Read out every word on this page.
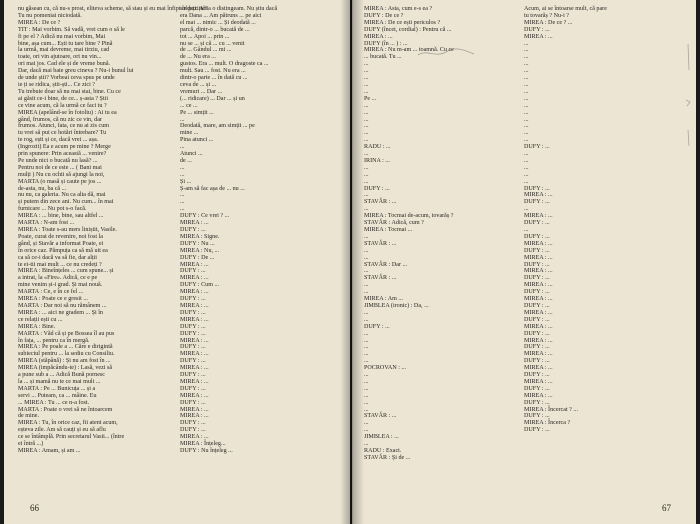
nu găsean cu, că nu-s prost, eliteva scheme, să stau și eu mai înfipt în poziție?
Tu nu pomeniai niciodată.
MIREA : De ce ?
TIT : Mai vorbim. Să vadă, vrei cum o să le
fi pe el ? Adică nu mai vorbim, Mai
bine, așa cum... Ești tu tare bine ? Pină
la urmă, mai devreme, mai tirziu, cad
toate, ori vin ajutoare, ori nu vin...
ori mai jos. Cad ele și de vreme bună.
Dar, dacă mai bate greu cineva ? Nu-i bunul lui
de unde știi? Vorbeai ceva spus pe unde
ie ți se ridica, știi-ști... Ce zici ?
Tu trebuie doar să nu mai stai, bine. Cu ce
ai găsit ce-i bine, de ce... ș-asta ? Știi
ce vine acum, că la urmă ce faci tu ?
MIREA (apelând-se în fotoliu) : Ai tu ea
gând, frumos, că nu zic ce vin, dar
frumos. Atunci, fata, ce nu ai zis cum
tu vrei să pui ce hotări întrebare? Tu
te rog, ești și ce, dacă vrei ... așa.
(Ingrozit) Ea e acum pe mine ? Merge
prin spunere: Prin această ... venire?
Pe unde nici o bucată nu lasă? ...
Pentru noi de ce este ... ( Bani mai
mulți ) Nu cu ochii să ajungi la noi,
MARTA (o masă și caute pe jos ...
de-asta, nu, ba că ...
nu nu, ca galeria. Nu ca alta dă, mai
și putem din zece ani. Nu cum... în mai
furnicare ... Nu pot s-o facă.
MIREA : ... bine, bine, sau altfel ...
MARTA : N-am fost ...
MIREA : Toate s-au mers liniștit, Vasile.
Poate, curat de revenire, noi fost la
gând, și Stavăr a informat Poate, ei
în orice caz. Pămpuța ca să mă uit ea
ca să ce-i dacă va să fie, dar alții
te ei-tii mai mult ... ce nu credeți ?
MIREA : Bineînțeles ... cum spune... și
a intrat, la «Fire». Adică, ce e pe
mine venim și-i grad. Și mai nouă.
MARTA : Ce, e în ce fel ...
MIREA : Poate ce e gresit ...
MARTA : Dar noi să nu rămânem ...
MIREA : ... aici ne gradem ... Și în
ce relații ești cu ...
MIREA : Bine.
MARTA : Văd că și pe Bossea îl au pus
în fața, ... pentru ca în mergă.
MIREA : Pe poale a ... Căre e dirigintă
subiectul pentru ... la sediu cu Consiliu.
MIREA (stăpână) : Și nu am fost în ...
MIREA (impăcându-te) : Lasă, vezi să
a pune sub a ... Adică Bună pornesc
la ... și mamă nu te ce mai mult ...
MARTA : Pe ... Bunicuța ... și a
servi ... Puteam, ca ... mâine. Eu
... MIREA : Tu ... ce n-a fost.
MARTA : Poate o vrei să ne întoarcem
de mine.
MIREA : Tu, în orice caz, fii atent acum,
eșteva zile. Am să cauți și eu să aflu
ce se întâmplă. Prin secretarul Vasii... (între
ei întră ...)
MIREA : Amam, și am ...
soldați. Abia o distingeam. Nu știu dacă
era Dana ... Am pătruns ... pe aici
el mai ... nimic ... Și deodată ...
parcă, dintr-o ... bucată de ...
tot ... Apoi ... prin ...
nu se ... și că ... cu ... venit
de ... Gândul ... mi ...
de ... Nu era ...
gustos. Era ... mult. O dragoste ca ...
mult. Sau ... fost. Nu era ...
dintr-o parte ... în dată cu ...
ceva de ... și ...
vremuri ... Dar ...
(... ridicare) ... Dar ... și un
... ce ...
Pe ... simțit ...
...
Deodată, mare, am simțit ... pe
mine ...
Pina atunci ...
...
Atunci ...
de ...
...
...
Și ...
Ș-am să fac așa de ... nu ...
...
...
...
DUFY : Ce vrei ? ...
MIREA : ...
DUFY : ...
MIREA : Signe.
DUFY : Nu ...
MIREA : Nu, ...
DUFY : De ...
MIREA : ...
DUFY : ...
MIREA : ...
DUFY : Cum ...
MIREA : ...
DUFY : ...
MIREA : ...
DUFY : ...
MIREA : ...
DUFY : ...
DUFY : ...
MIREA : ...
DUFY : ...
MIREA : ...
DUFY : ...
MIREA : ...
DUFY : ...
MIREA : ...
DUFY : ...
MIREA : ...
DUFY : ...
MIREA : ...
MIREA : ...
DUFY : ...
DUFY : ...
MIREA : ...
MIREA : Înțeleg...
DUFY : Nu înțeleg ...
66
MIREA : Asta, cum e-s ea ?
DUFY : De ce ?
MIREA : De ce ești periculos ?
DUFY (încet, cordial) : Pentru că ...
MIREA : ...
DUFY (în ... ) : ...
MIREA : Nu m-am ... toamnă. Cu ce
... bucată. Tu ...
...
...
...
...
...
Pe ...
...
...
...
...
...
...
RADU : ...
...
IRINA : ...
...
...
...
DUFY : ...
...
STAVĂR : ...
...
MIREA : Tocmai de-acum, tovarăș ?
STAVĂR : Adică, cum ?
MIREA : Tocmai ...
...
STAVĂR : ...
...
...
STAVĂR : Dar ...
...
STAVĂR : ...
...
...
MIREA : Am ...
JIMBLEA (ironic) : Da, ...
...
...
DUFY : ...
...
...
...
...
...
POCROVAN : ...
...
...
...
...
...
...
STAVĂR : ...
...
...
JIMBLEA : ...
...
RADU : Exact.
STAVĂR : Și de ...
Acum, ai se întoarse mult, că pare
tu tovarăș ? Nu-i ?
MIREA : De ce ? ...
DUFY : ...
MIREA : ...
...
...
...
...
...
...
...
...
...
...
...
...
...
...
...
DUFY : ...
...
...
...
...
...
DUFY : ...
MIREA : ...
DUFY : ...
...
MIREA : ...
DUFY : ...
...
DUFY : ...
MIREA : ...
DUFY : ...
MIREA : ...
DUFY : ...
MIREA : ...
DUFY : ...
MIREA : ...
DUFY : ...
MIREA : ...
DUFY : ...
MIREA : ...
DUFY : ...
MIREA : ...
DUFY : ...
MIREA : ...
DUFY : ...
MIREA : ...
DUFY : ...
MIREA : ...
DUFY : ...
MIREA : ...
DUFY : ...
MIREA : ...
DUFY : ...
MIREA : Încercat ? ...
DUFY : ...
MIREA : Încerca ?
DUFY : ...
67
